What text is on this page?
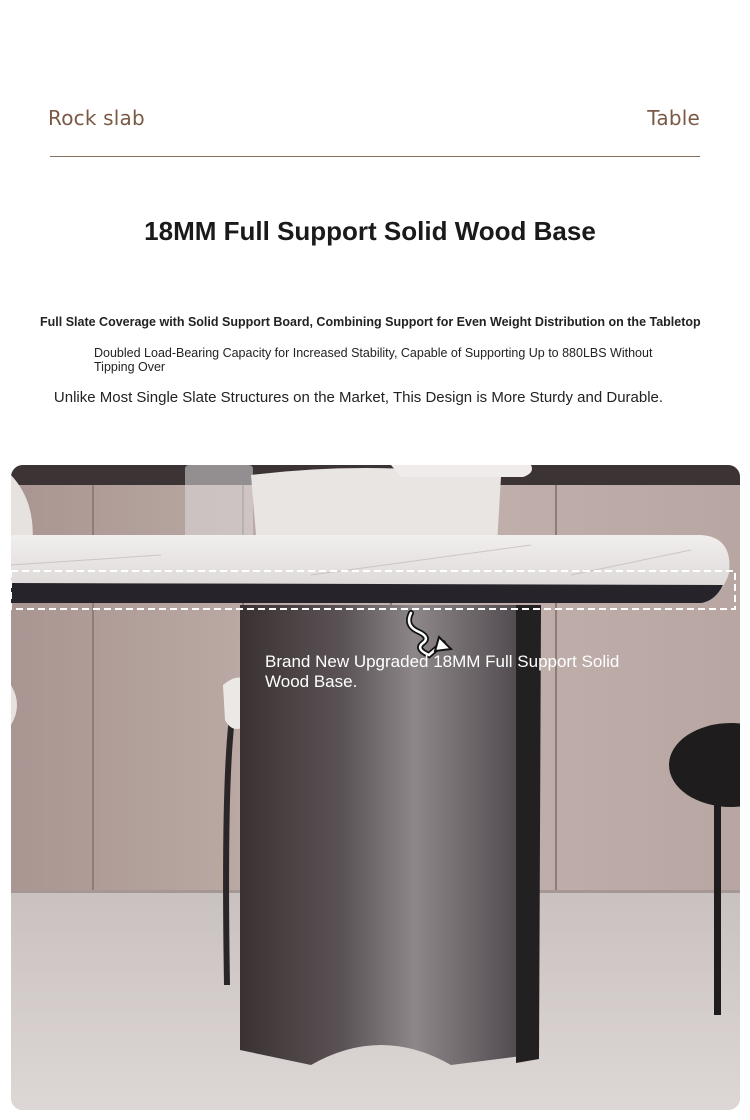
Rock slab	Table
18MM Full Support Solid Wood Base
Full Slate Coverage with Solid Support Board, Combining Support for Even Weight Distribution on the Tabletop
Doubled Load-Bearing Capacity for Increased Stability, Capable of Supporting Up to 880LBS Without Tipping Over
Unlike Most Single Slate Structures on the Market, This Design is More Sturdy and Durable.
Brand New Upgraded 18MM Full Support Solid Wood Base.
